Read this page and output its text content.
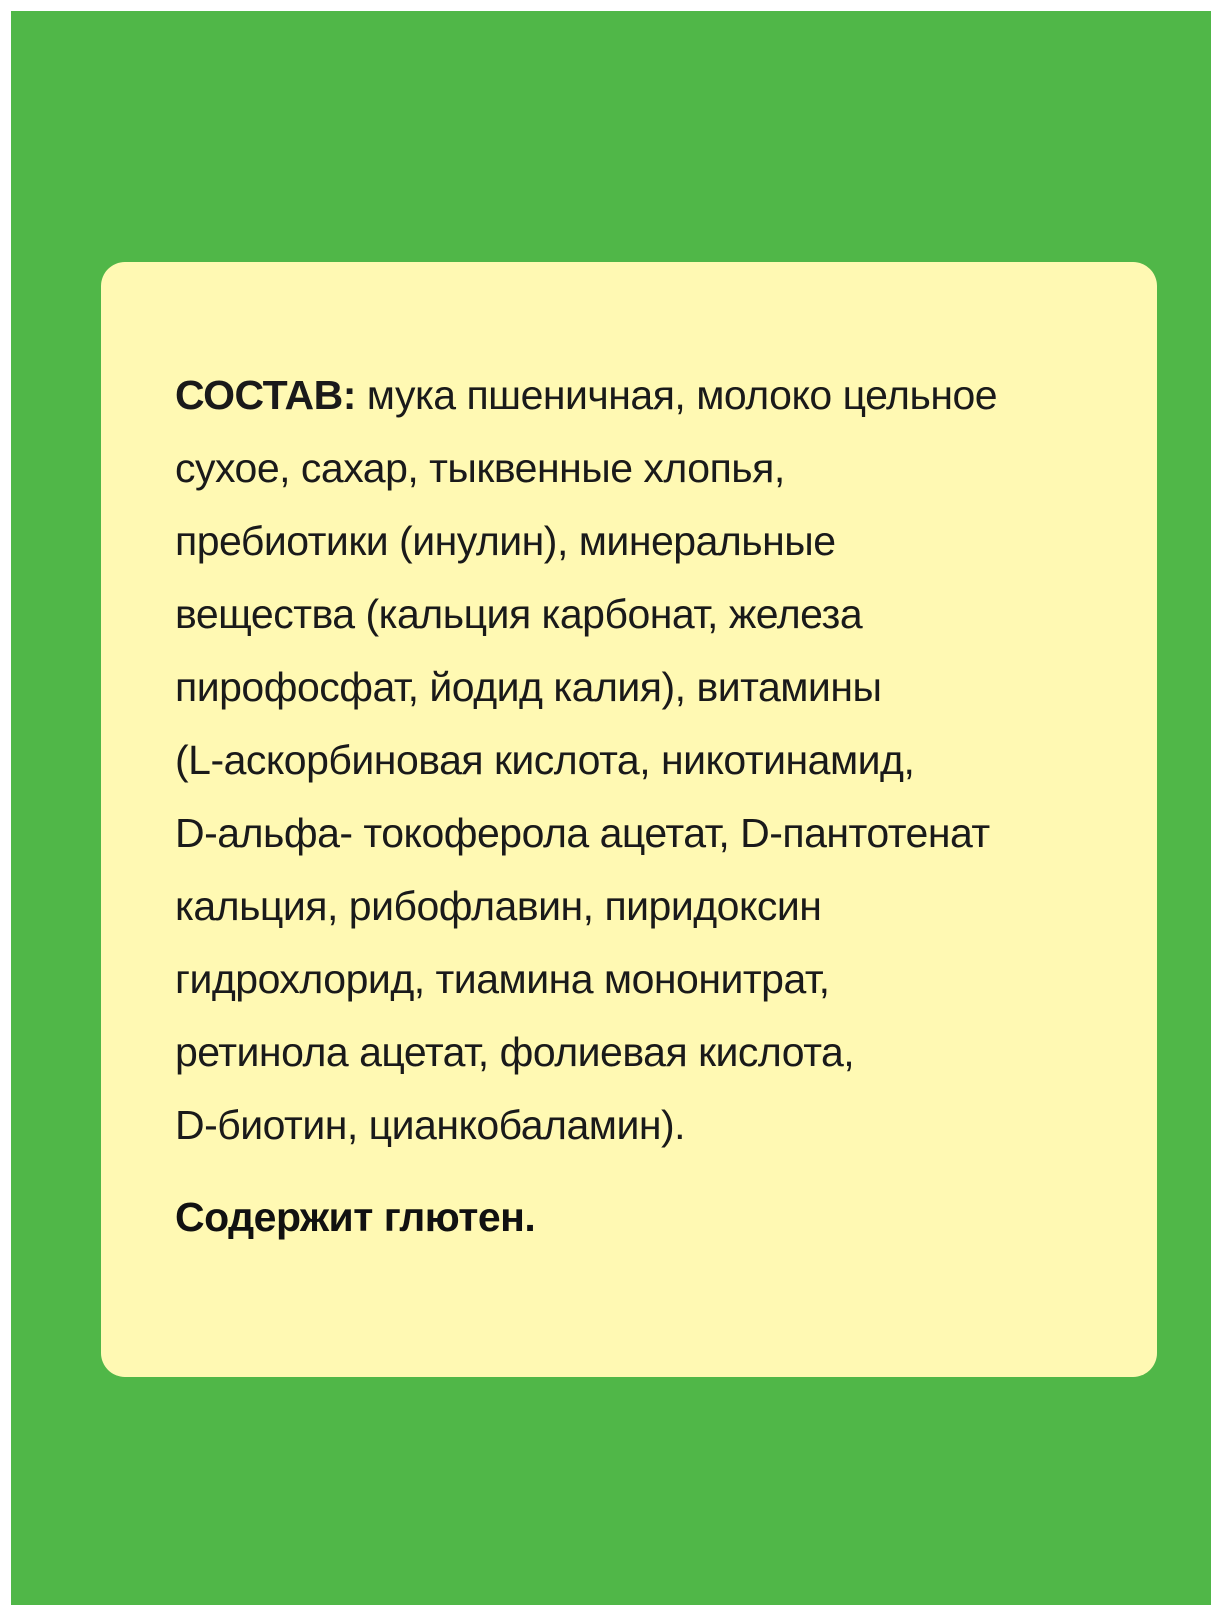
СОСТАВ: мука пшеничная, молоко цельное
сухое, сахар, тыквенные хлопья,
пребиотики (инулин), минеральные
вещества (кальция карбонат, железа
пирофосфат, йодид калия), витамины
(L-аскорбиновая кислота, никотинамид,
D-альфа- токоферола ацетат, D-пантотенат
кальция, рибофлавин, пиридоксин
гидрохлорид, тиамина мононитрат,
ретинола ацетат, фолиевая кислота,
D-биотин, цианкобаламин).

Содержит глютен.
